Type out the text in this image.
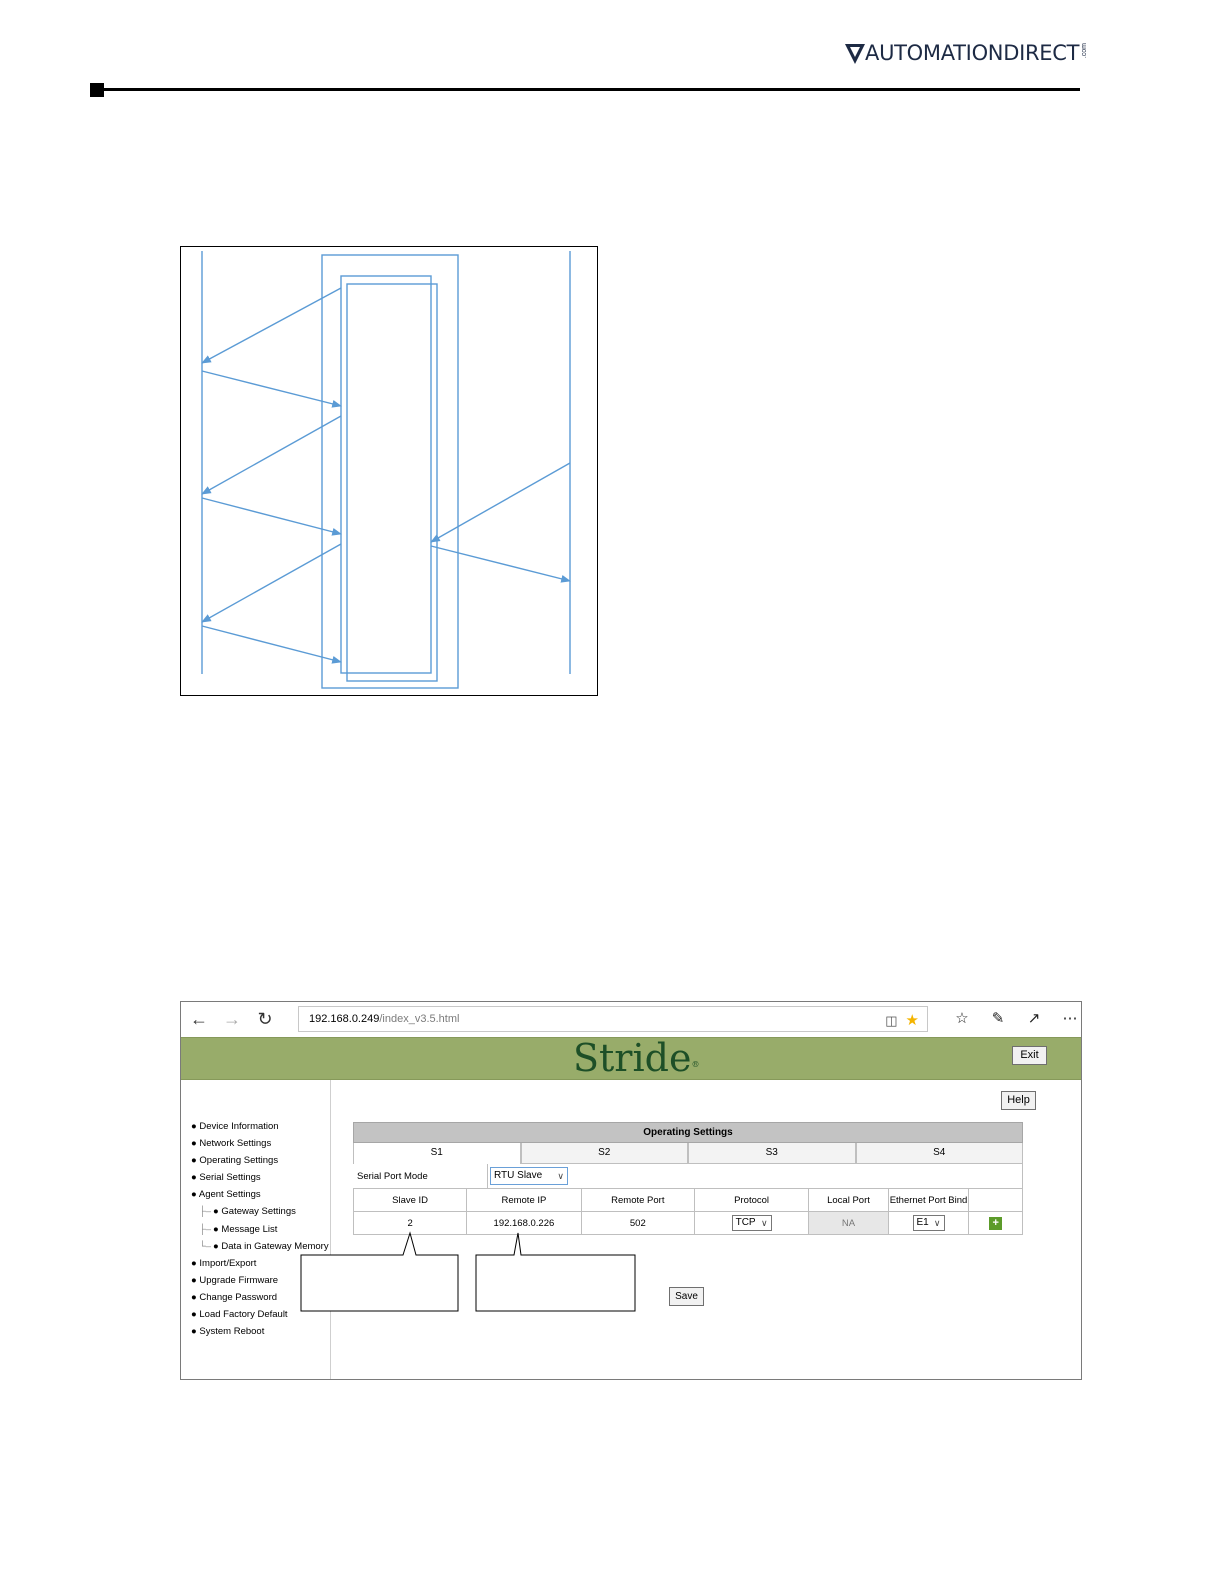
AUTOMATIONDIRECT .com
← → ↻	192.168.0.249/index_v3.5.html	◫ ★ ☆	✎	↗	⋯
Stride®
Exit
● Device Information
● Network Settings
● Operating Settings
● Serial Settings
● Agent Settings
├– ● Gateway Settings
├– ● Message List
└– ● Data in Gateway Memory
● Import/Export
● Upgrade Firmware
● Change Password
● Load Factory Default
● System Reboot
Help
Operating Settings
S1	S2	S3	S4
Serial Port Mode	RTU Slave ∨
Slave ID	Remote IP	Remote Port	Protocol	Local Port	Ethernet Port Bind	
2	192.168.0.226	502	TCP ∨	NA	E1 ∨	+
Save
